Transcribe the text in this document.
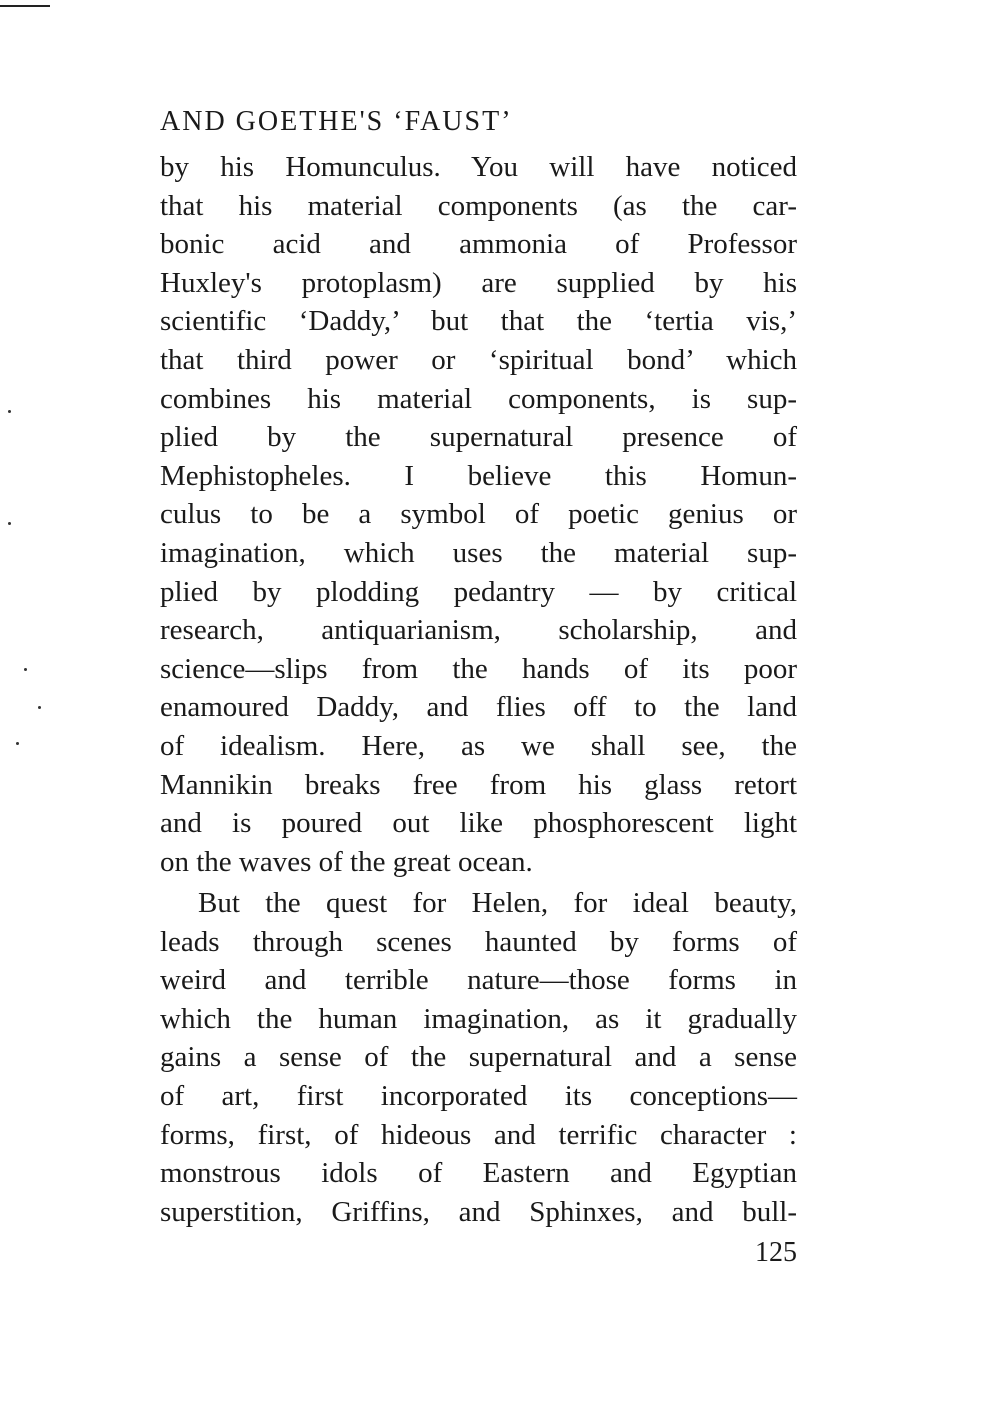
AND GOETHE'S ‘FAUST’
by his Homunculus. You will have noticed
that his material components (as the car-
bonic acid and ammonia of Professor
Huxley's protoplasm) are supplied by his
scientific ‘Daddy,’ but that the ‘tertia vis,’
that third power or ‘spiritual bond’ which
combines his material components, is sup-
plied by the supernatural presence of
Mephistopheles. I believe this Homun-
culus to be a symbol of poetic genius or
imagination, which uses the material sup-
plied by plodding pedantry — by critical
research, antiquarianism, scholarship, and
science—slips from the hands of its poor
enamoured Daddy, and flies off to the land
of idealism. Here, as we shall see, the
Mannikin breaks free from his glass retort
and is poured out like phosphorescent light
on the waves of the great ocean.
But the quest for Helen, for ideal beauty,
leads through scenes haunted by forms of
weird and terrible nature—those forms in
which the human imagination, as it gradually
gains a sense of the supernatural and a sense
of art, first incorporated its conceptions—
forms, first, of hideous and terrific character :
monstrous idols of Eastern and Egyptian
superstition, Griffins, and Sphinxes, and bull-
125
